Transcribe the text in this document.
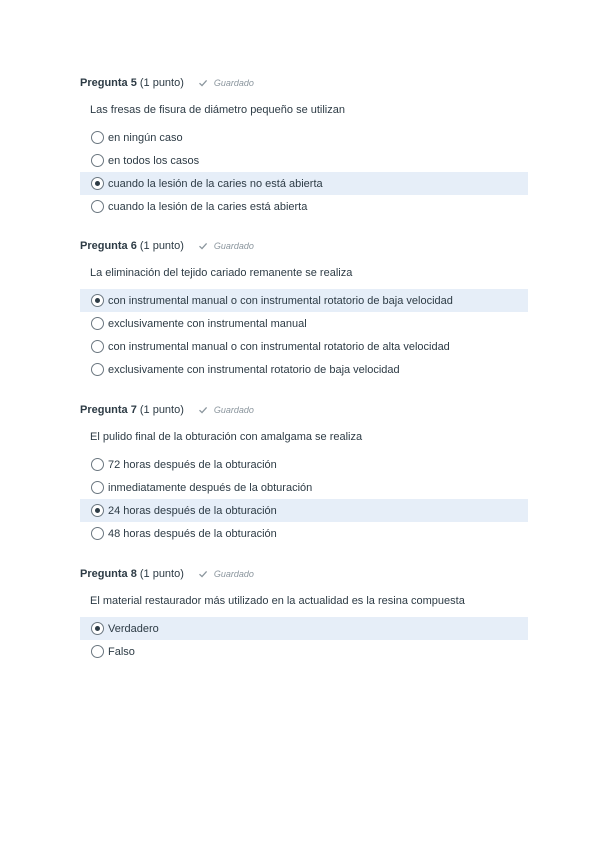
Pregunta 5 (1 punto)	Guardado
Las fresas de fisura de diámetro pequeño se utilizan
en ningún caso
en todos los casos
cuando la lesión de la caries no está abierta
cuando la lesión de la caries está abierta
Pregunta 6 (1 punto)	Guardado
La eliminación del tejido cariado remanente se realiza
con instrumental manual o con instrumental rotatorio de baja velocidad
exclusivamente con instrumental manual
con instrumental manual o con instrumental rotatorio de alta velocidad
exclusivamente con instrumental rotatorio de baja velocidad
Pregunta 7 (1 punto)	Guardado
El pulido final de la obturación con amalgama se realiza
72 horas después de la obturación
inmediatamente después de la obturación
24 horas después de la obturación
48 horas después de la obturación
Pregunta 8 (1 punto)	Guardado
El material restaurador más utilizado en la actualidad es la resina compuesta
Verdadero
Falso
